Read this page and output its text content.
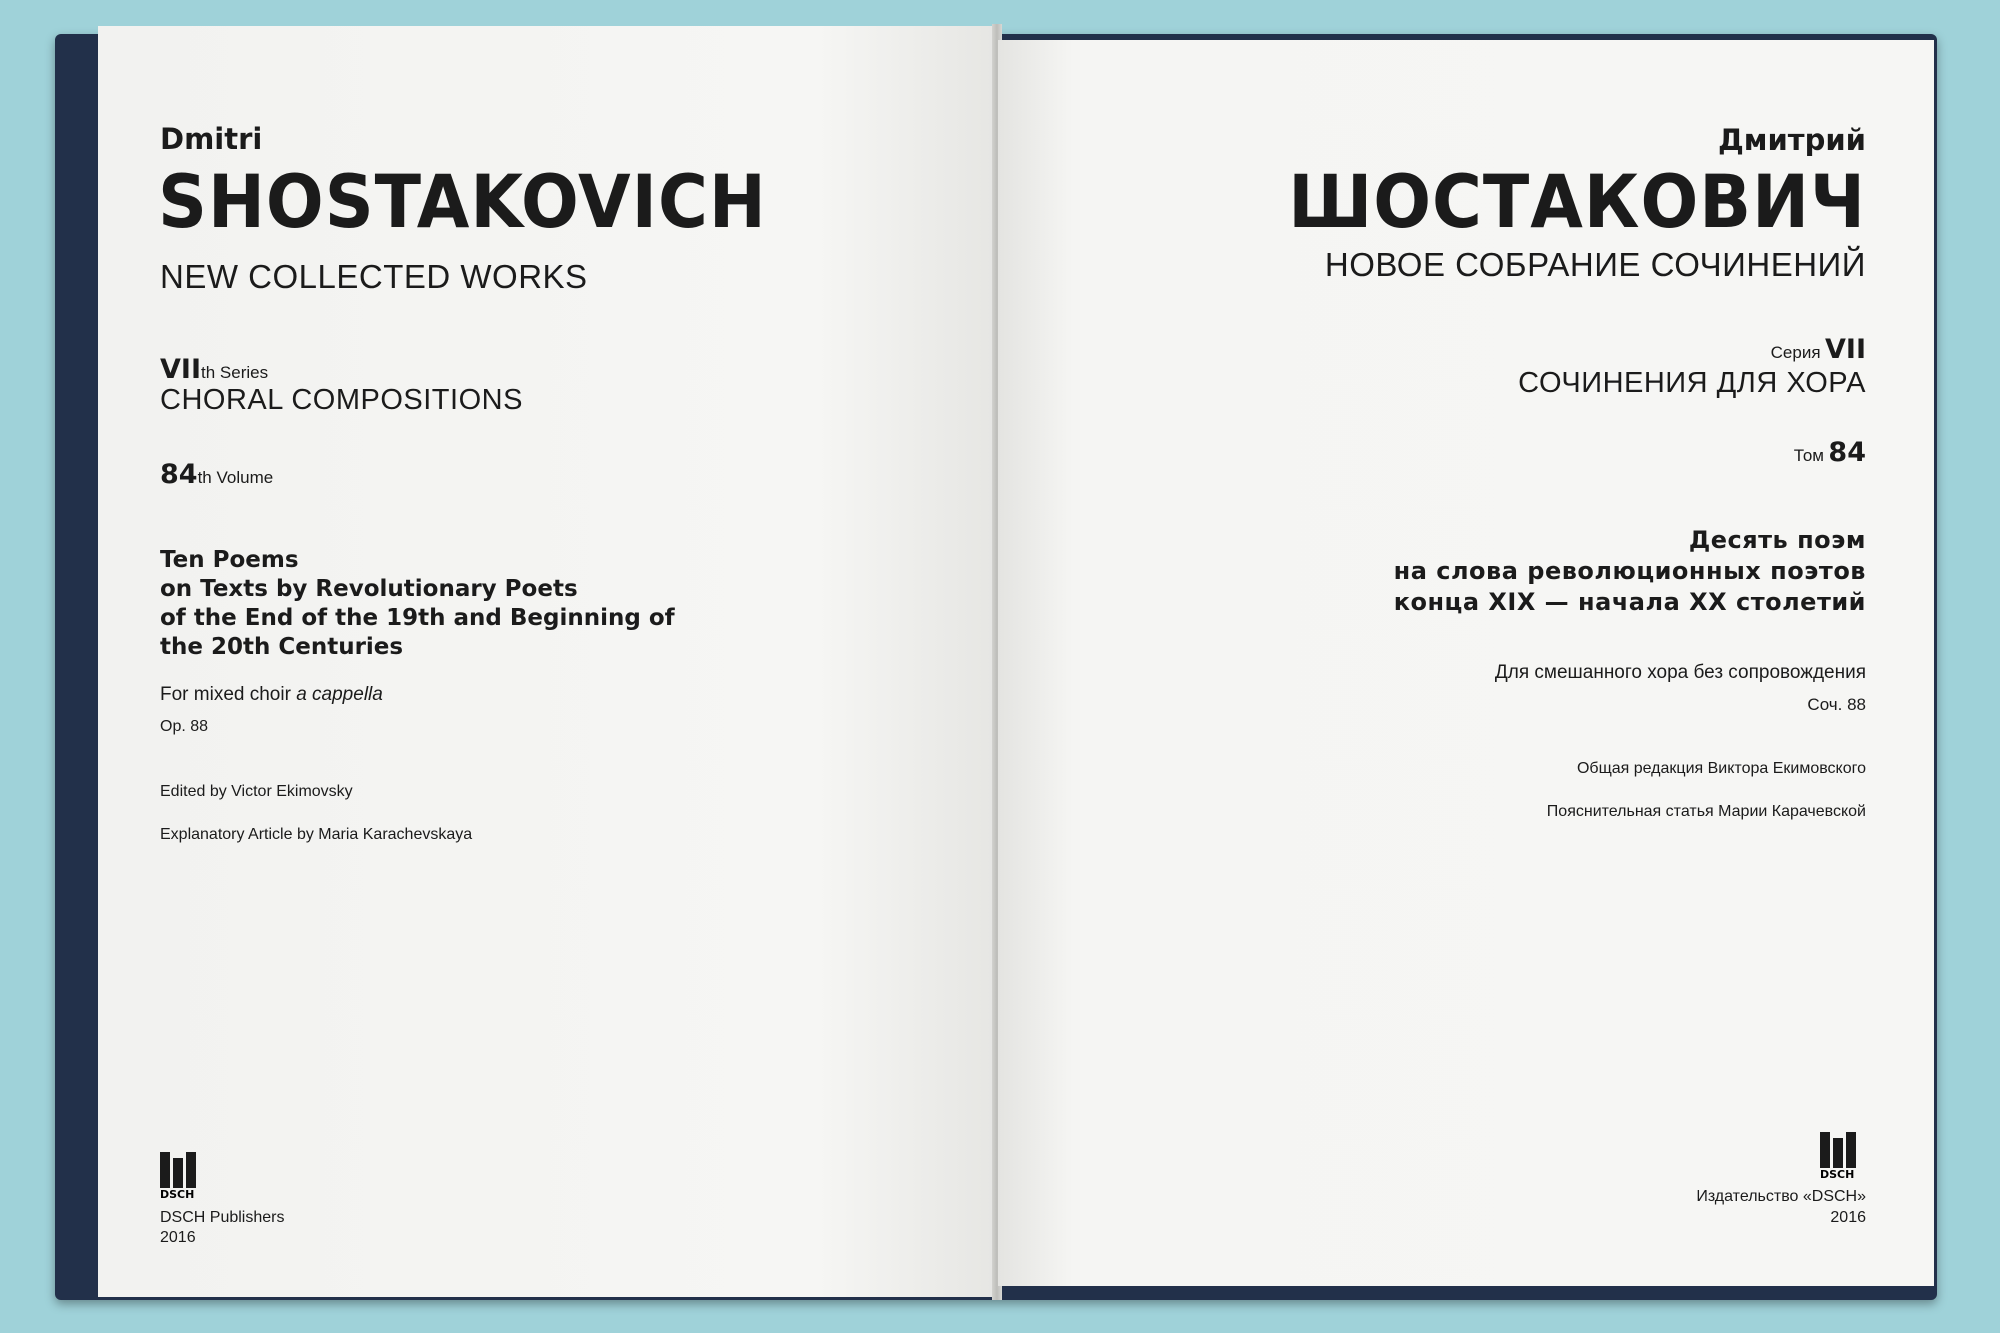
Dmitri
SHOSTAKOVICH
NEW COLLECTED WORKS
VIIth Series
CHORAL COMPOSITIONS
84th Volume
Ten Poems
on Texts by Revolutionary Poets
of the End of the 19th and Beginning of
the 20th Centuries
For mixed choir a cappella
Op. 88
Edited by Victor Ekimovsky
Explanatory Article by Maria Karachevskaya
DSCH
DSCH Publishers
2016
Дмитрий
ШОСТАКОВИЧ
НОВОЕ СОБРАНИЕ СОЧИНЕНИЙ
Серия VII
СОЧИНЕНИЯ ДЛЯ ХОРА
Том 84
Десять поэм
на слова революционных поэтов
конца XIX — начала XX столетий
Для смешанного хора без сопровождения
Соч. 88
Общая редакция Виктора Екимовского
Пояснительная статья Марии Карачевской
DSCH
Издательство «DSCH»
2016
